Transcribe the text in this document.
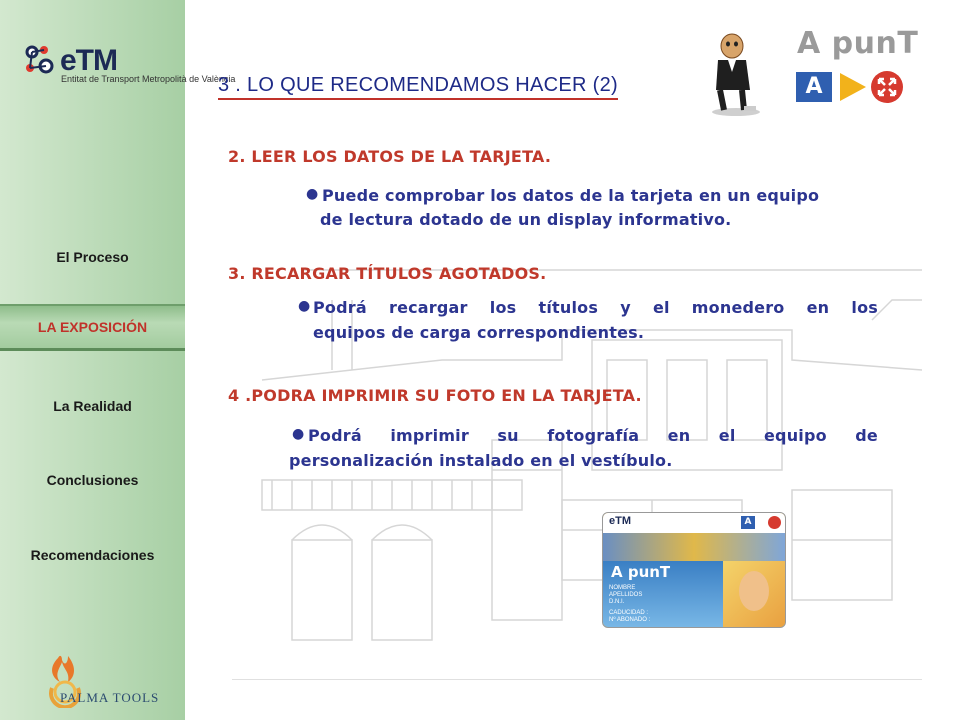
eTM
Entitat de Transport Metropolità de València
El Proceso
LA EXPOSICIÓN
La Realidad
Conclusiones
Recomendaciones
PALMA TOOLS
A punT
A
3 . LO QUE RECOMENDAMOS HACER (2)
2. LEER LOS DATOS DE LA TARJETA.
● Puede comprobar los datos de la tarjeta en un equipo
de lectura dotado de un display informativo.
3. RECARGAR TÍTULOS AGOTADOS.
● Podrá recargar los títulos y el monedero en los
equipos de carga correspondientes.
4 .PODRA IMPRIMIR SU FOTO EN LA TARJETA.
● Podrá imprimir su fotografía en el equipo de
personalización instalado en el vestíbulo.
eTM	A
A punT
NOMBRE
APELLIDOS
D.N.I.
CADUCIDAD :
Nº ABONADO :
